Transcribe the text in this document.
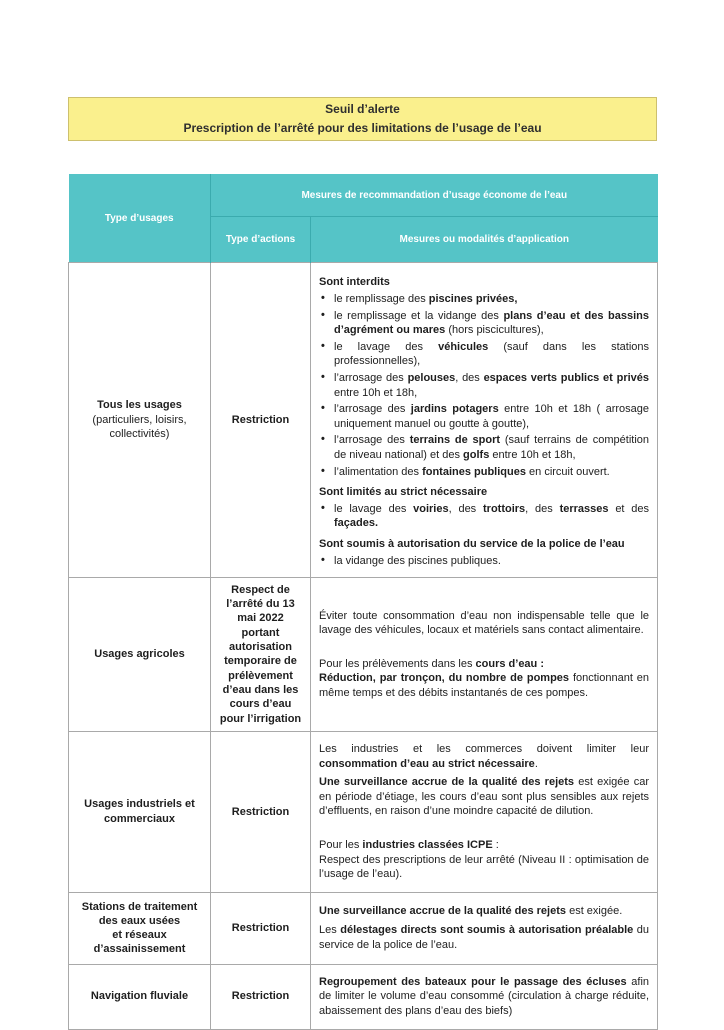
Seuil d’alerte
Prescription de l’arrêté pour des limitations de l’usage de l’eau
Type d’usages	Mesures de recommandation d’usage économe de l’eau	
	Type d’actions	Mesures ou modalités d’application
Tous les usages
(particuliers, loisirs, collectivités)	Restriction	
Sont interdits
• le remplissage des piscines privées,
• le remplissage et la vidange des plans d’eau et des bassins d’agrément ou mares (hors piscicultures),
• le lavage des véhicules (sauf dans les stations professionnelles),
• l’arrosage des pelouses, des espaces verts publics et privés entre 10h et 18h,
• l’arrosage des jardins potagers entre 10h et 18h ( arrosage uniquement manuel ou goutte à goutte),
• l’arrosage des terrains de sport (sauf terrains de compétition de niveau national) et des golfs entre 10h et 18h,
• l’alimentation des fontaines publiques en circuit ouvert.
Sont limités au strict nécessaire
• le lavage des voiries, des trottoirs, des terrasses et des façades.
Sont soumis à autorisation du service de la police de l’eau
• la vidange des piscines publiques.

Usages agricoles	Respect de l’arrêté du 13 mai 2022 portant autorisation temporaire de prélèvement d’eau dans les cours d’eau pour l’irrigation	Éviter toute consommation d’eau non indispensable telle que le lavage des véhicules, locaux et matériels sans contact alimentaire.
Pour les prélèvements dans les cours d’eau :
Réduction, par tronçon, du nombre de pompes fonctionnant en même temps et des débits instantanés de ces pompes.

Usages industriels et commerciaux	Restriction	Les industries et les commerces doivent limiter leur consommation d’eau au strict nécessaire.
Une surveillance accrue de la qualité des rejets est exigée car en période d’étiage, les cours d’eau sont plus sensibles aux rejets d’effluents, en raison d’une moindre capacité de dilution.
Pour les industries classées ICPE :
Respect des prescriptions de leur arrêté (Niveau II : optimisation de l’usage de l’eau).

Stations de traitement des eaux usées
et réseaux
d’assainissement	Restriction	
Une surveillance accrue de la qualité des rejets est exigée.
Les délestages directs sont soumis à autorisation préalable du service de la police de l’eau.

Navigation fluviale	Restriction	Regroupement des bateaux pour le passage des écluses afin de limiter le volume d’eau consommé (circulation à charge réduite, abaissement des plans d’eau des biefs)
